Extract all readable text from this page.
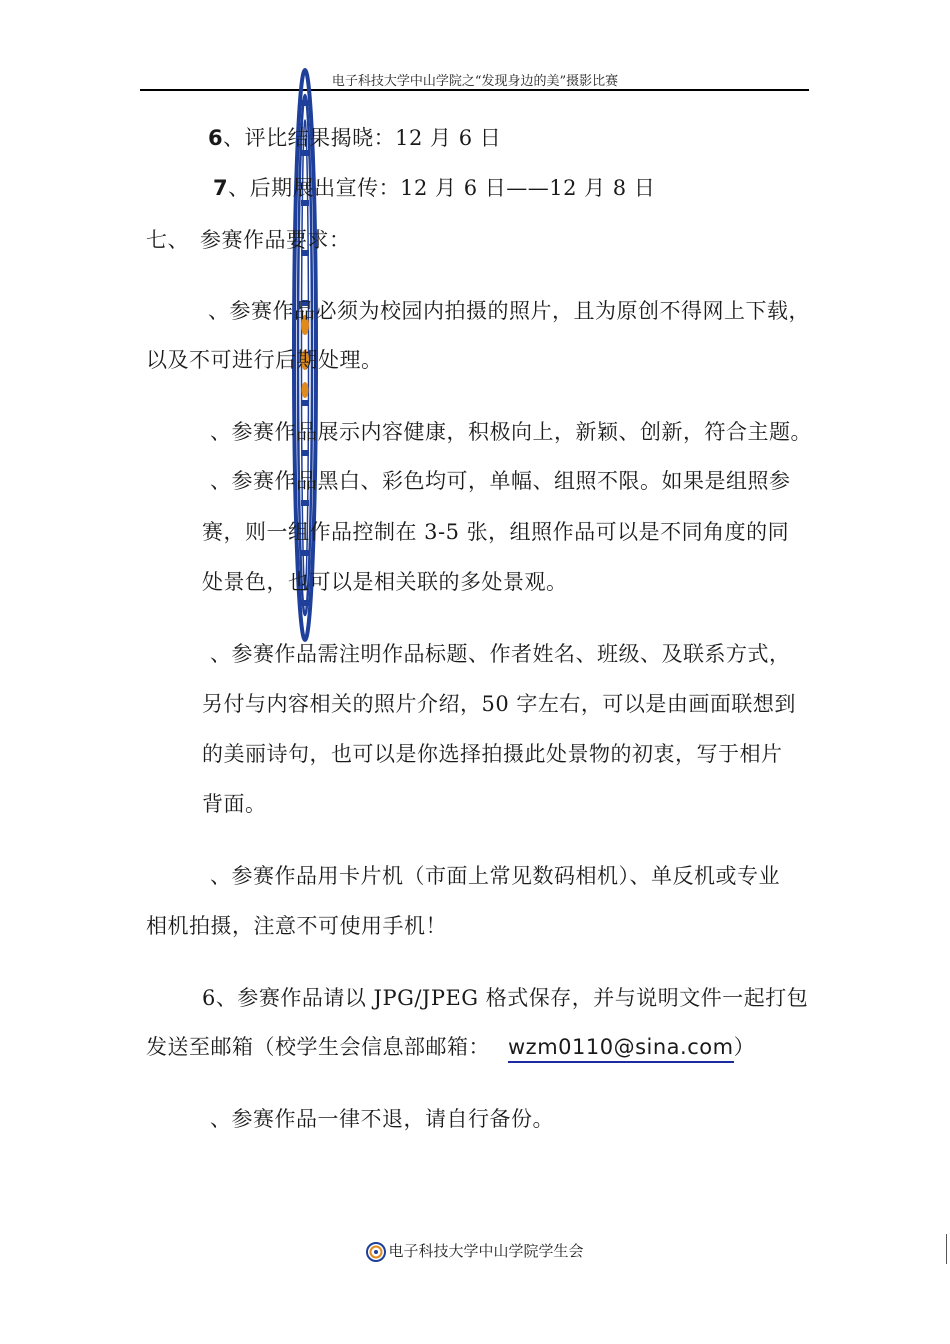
电子科技大学中山学院之“发现身边的美”摄影比赛
6、评比结果揭晓：12 月 6 日
7、后期展出宣传：12 月 6 日——12 月 8 日
七、　参赛作品要求：
、参赛作品必须为校园内拍摄的照片，且为原创不得网上下载，
以及不可进行后期处理。
、参赛作品展示内容健康，积极向上，新颖、创新，符合主题。
、参赛作品黑白、彩色均可，单幅、组照不限。如果是组照参
赛，则一组作品控制在 3-5 张，组照作品可以是不同角度的同
处景色，也可以是相关联的多处景观。
、参赛作品需注明作品标题、作者姓名、班级、及联系方式，
另付与内容相关的照片介绍，50 字左右，可以是由画面联想到
的美丽诗句，也可以是你选择拍摄此处景物的初衷，写于相片
背面。
、参赛作品用卡片机（市面上常见数码相机）、单反机或专业
相机拍摄，注意不可使用手机！
6、参赛作品请以 JPG/JPEG 格式保存，并与说明文件一起打包
发送至邮箱（校学生会信息部邮箱： wzm0110@sina.com）
、参赛作品一律不退，请自行备份。
电子科技大学中山学院学生会
